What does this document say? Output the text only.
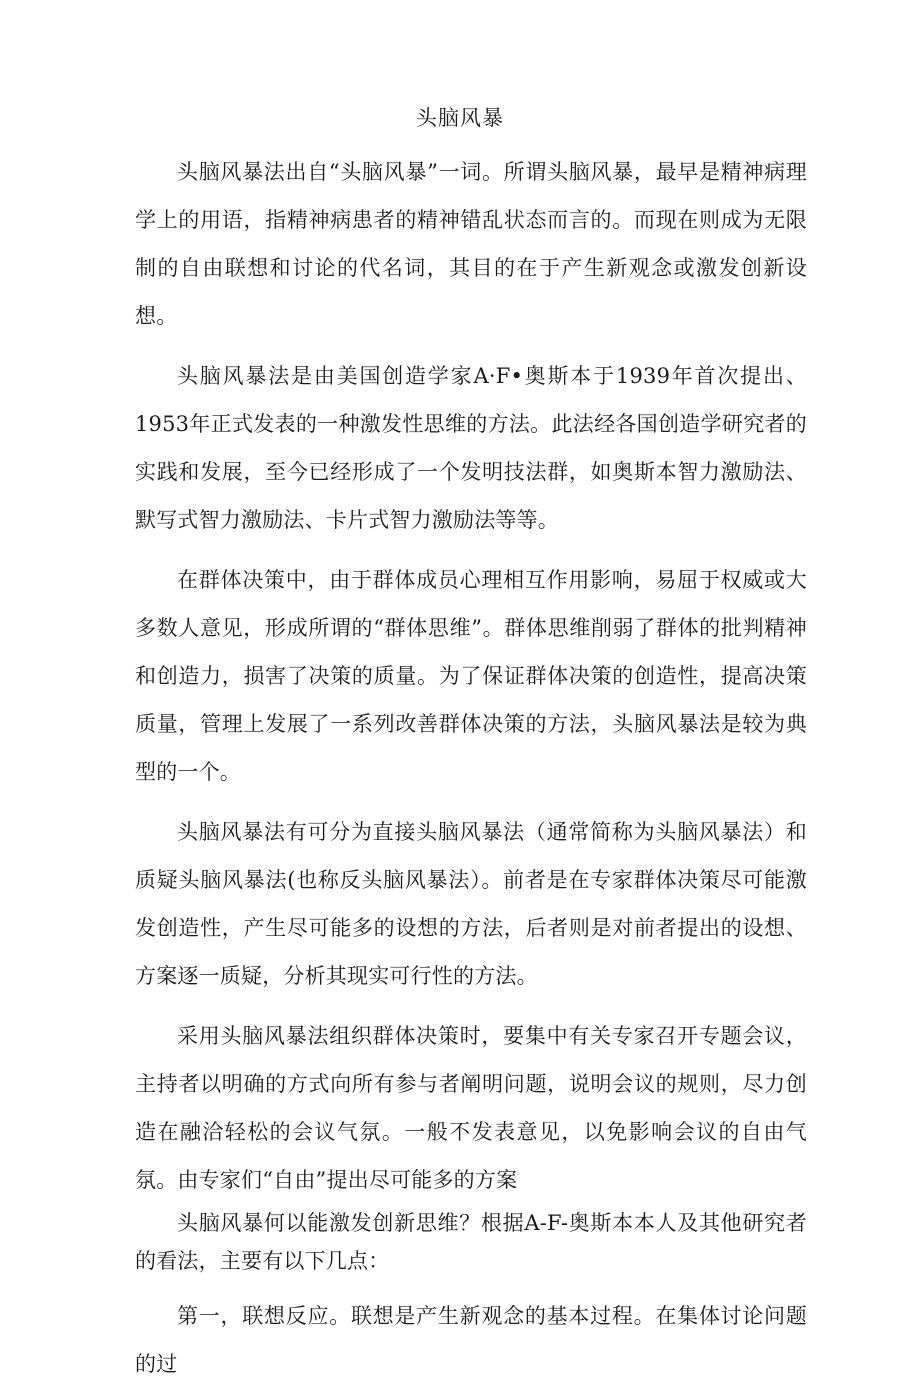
头脑风暴

头脑风暴法出自“头脑风暴”一词。所谓头脑风暴，最早是精神病理学上的用语，指精神病患者的精神错乱状态而言的。而现在则成为无限制的自由联想和讨论的代名词，其目的在于产生新观念或激发创新设想。

头脑风暴法是由美国创造学家A·F•奥斯本于1939年首次提出、1953年正式发表的一种激发性思维的方法。此法经各国创造学研究者的实践和发展，至今已经形成了一个发明技法群，如奥斯本智力激励法、默写式智力激励法、卡片式智力激励法等等。

在群体决策中，由于群体成员心理相互作用影响，易屈于权威或大多数人意见，形成所谓的“群体思维”。群体思维削弱了群体的批判精神和创造力，损害了决策的质量。为了保证群体决策的创造性，提高决策质量，管理上发展了一系列改善群体决策的方法，头脑风暴法是较为典型的一个。

头脑风暴法有可分为直接头脑风暴法（通常简称为头脑风暴法）和质疑头脑风暴法(也称反头脑风暴法）。前者是在专家群体决策尽可能激发创造性，产生尽可能多的设想的方法，后者则是对前者提出的设想、方案逐一质疑，分析其现实可行性的方法。

采用头脑风暴法组织群体决策时，要集中有关专家召开专题会议，主持者以明确的方式向所有参与者阐明问题，说明会议的规则，尽力创造在融洽轻松的会议气氛。一般不发表意见，以免影响会议的自由气氛。由专家们“自由”提出尽可能多的方案

头脑风暴何以能激发创新思维？根据A-F-奥斯本本人及其他研究者的看法，主要有以下几点：

第一，联想反应。联想是产生新观念的基本过程。在集体讨论问题的过
